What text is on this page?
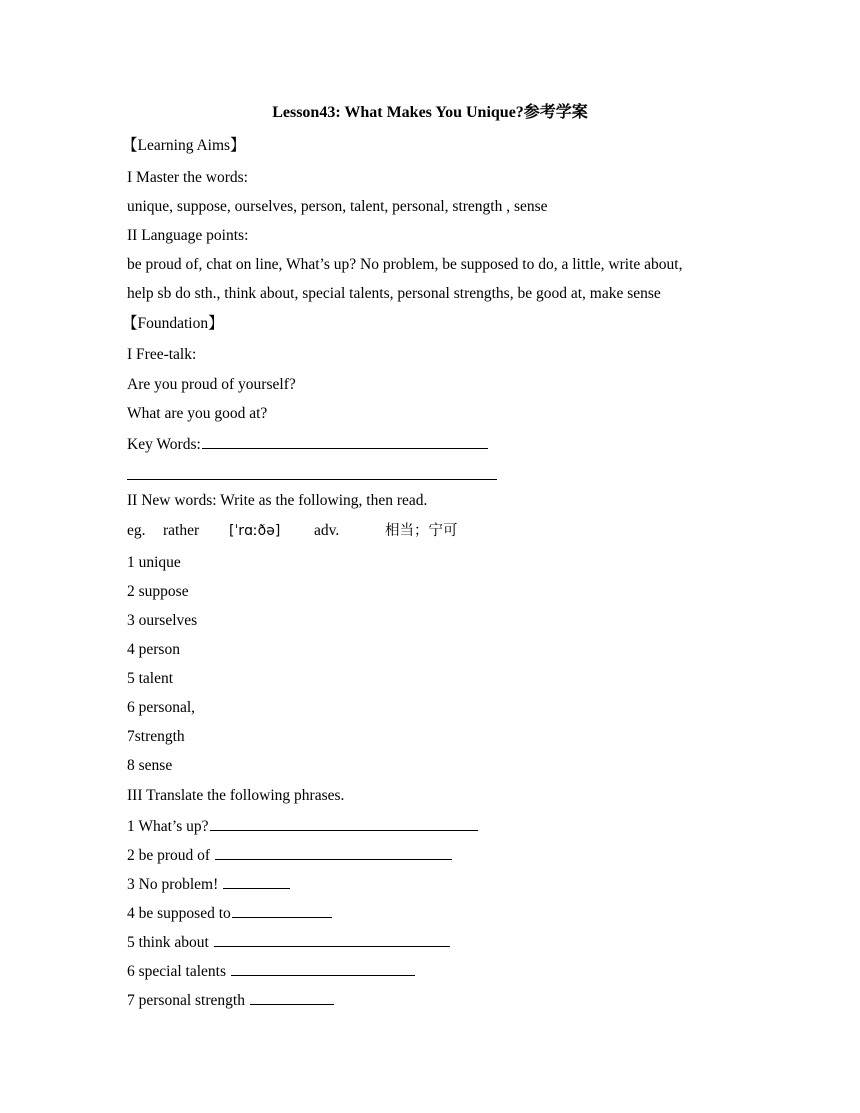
Lesson43: What Makes You Unique?参考学案
【Learning Aims】
I Master the words:
unique, suppose, ourselves, person, talent, personal, strength , sense
II Language points:
be proud of, chat on line, What’s up? No problem, be supposed to do, a little, write about,
help sb do sth., think about, special talents, personal strengths, be good at, make sense
【Foundation】
I Free-talk:
Are you proud of yourself?
What are you good at?
Key Words:
II New words: Write as the following, then read.
eg. rather [ˈrɑːðə] adv.	相当；宁可
1 unique
2 suppose
3 ourselves
4 person
5 talent
6 personal,
7strength
8 sense
III Translate the following phrases.
1 What’s up?
2 be proud of
3 No problem!
4 be supposed to
5 think about
6 special talents
7 personal strength
